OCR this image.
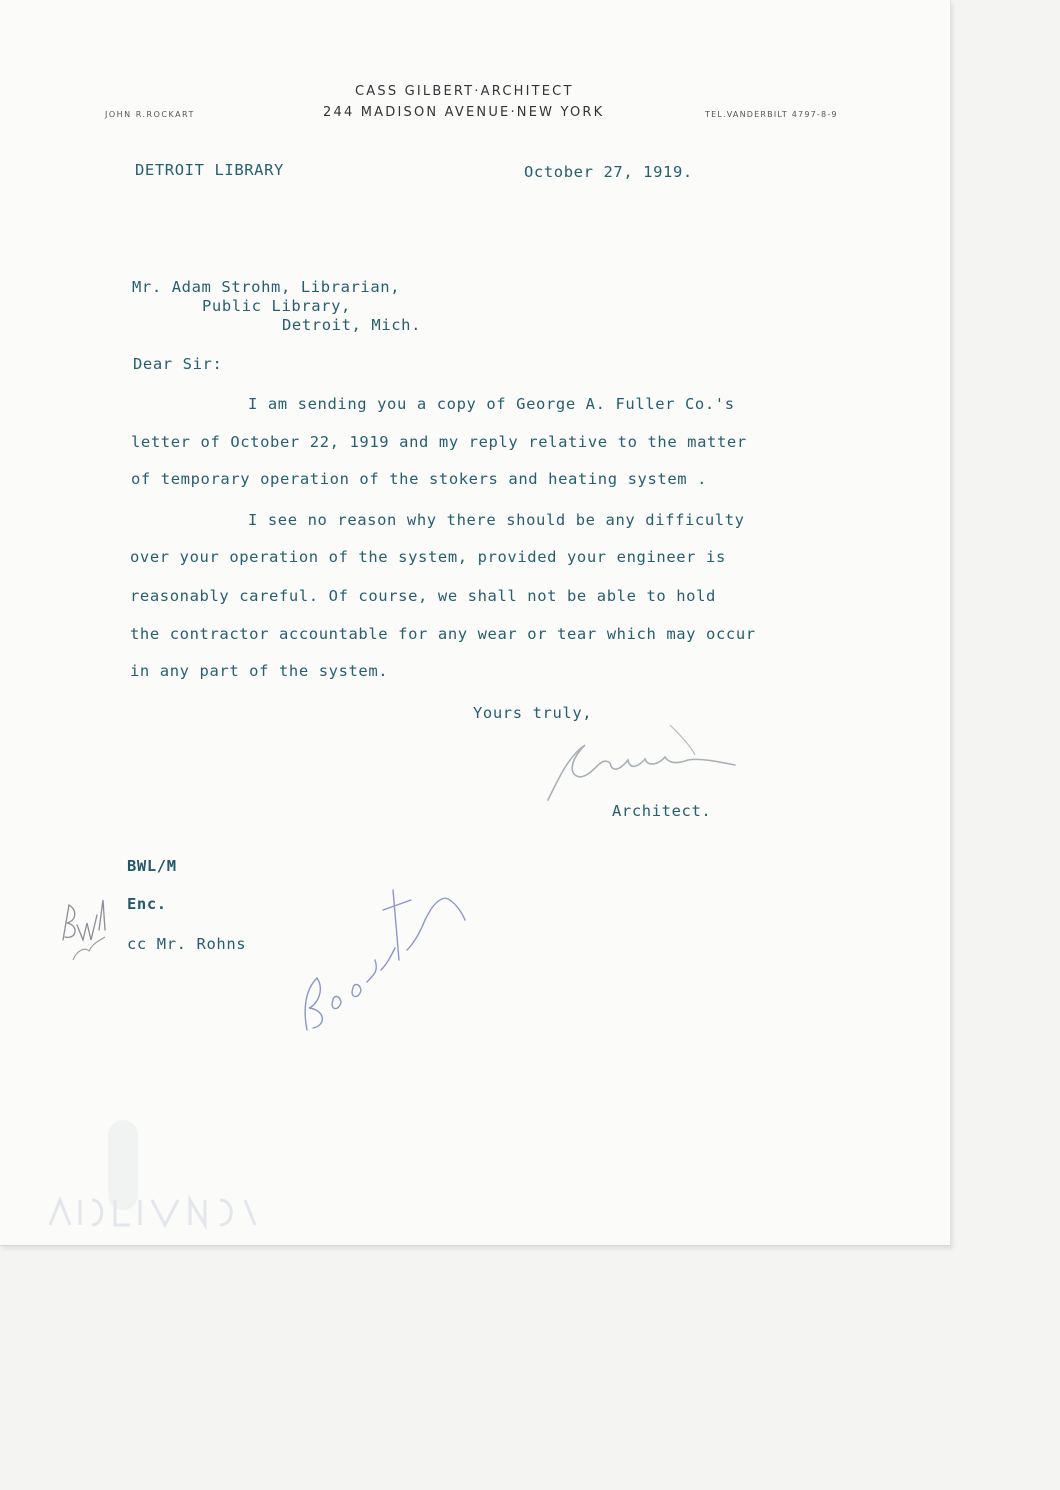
CASS GILBERT·ARCHITECT
244 MADISON AVENUE·NEW YORK
JOHN R.ROCKART	TEL.VANDERBILT 4797-8-9
DETROIT LIBRARY	October 27, 1919.
Mr. Adam Strohm, Librarian,
Public Library,
Detroit, Mich.
Dear Sir:
I am sending you a copy of George A. Fuller Co.'s
letter of October 22, 1919 and my reply relative to the matter
of temporary operation of the stokers and heating system .
I see no reason why there should be any difficulty
over your operation of the system, provided your engineer is
reasonably careful. Of course, we shall not be able to hold
the contractor accountable for any wear or tear which may occur
in any part of the system.
Yours truly,
Architect.
BWL/M
Enc.
cc Mr. Rohns
